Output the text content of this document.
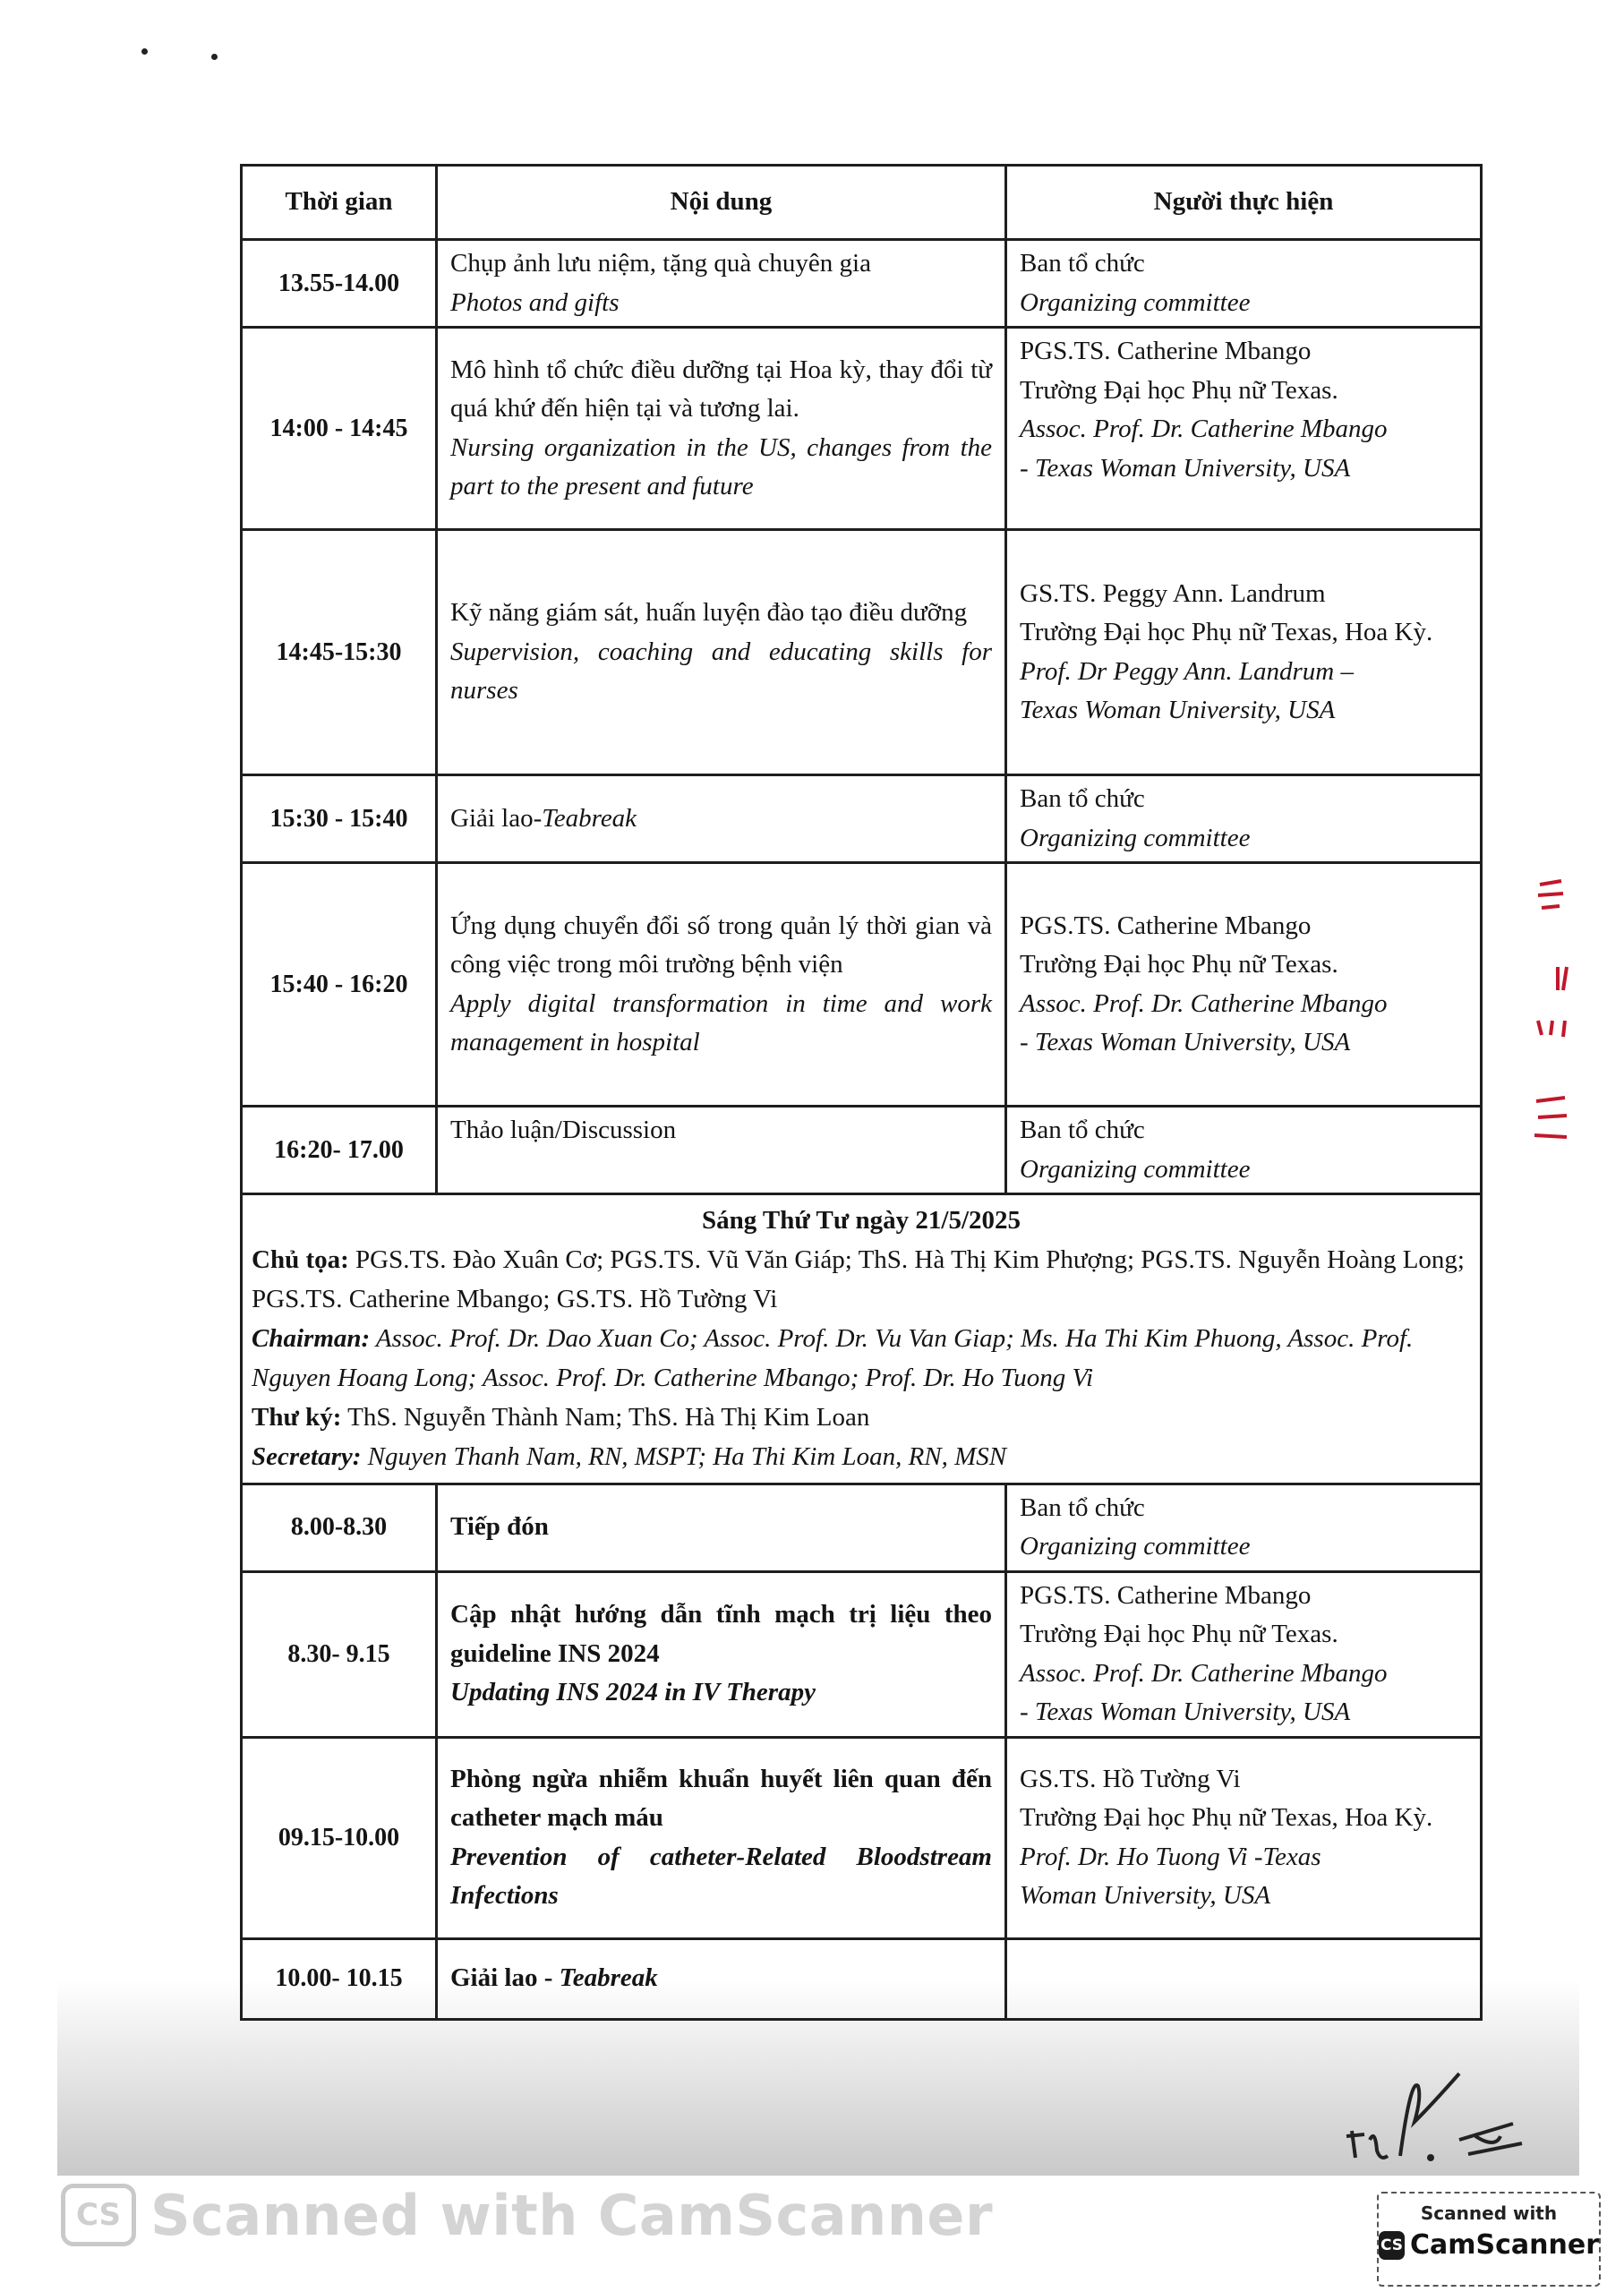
Thời gian	Nội dung	Người thực hiện
13.55-14.00	Chụp ảnh lưu niệm, tặng quà chuyên gia
Photos and gifts	Ban tổ chức
Organizing committee

14:00 - 14:45	Mô hình tổ chức điều dưỡng tại Hoa kỳ, thay đổi từ quá khứ đến hiện tại và tương lai.
Nursing organization in the US, changes from the part to the present and future	PGS.TS. Catherine Mbango
Trường Đại học Phụ nữ Texas.
Assoc. Prof. Dr. Catherine Mbango
- Texas Woman University, USA

14:45-15:30	Kỹ năng giám sát, huấn luyện đào tạo điều dưỡng
Supervision, coaching and educating skills for nurses	GS.TS. Peggy Ann. Landrum
Trường Đại học Phụ nữ Texas, Hoa Kỳ.
Prof. Dr Peggy Ann. Landrum –
Texas Woman University, USA

15:30 - 15:40	Giải lao-Teabreak	Ban tổ chức
Organizing committee

15:40 - 16:20	Ứng dụng chuyển đổi số trong quản lý thời gian và công việc trong môi trường bệnh viện
Apply digital transformation in time and work management in hospital	PGS.TS. Catherine Mbango
Trường Đại học Phụ nữ Texas.
Assoc. Prof. Dr. Catherine Mbango
- Texas Woman University, USA

16:20- 17.00	Thảo luận/Discussion	Ban tổ chức
Organizing committee

Sáng Thứ Tư ngày 21/5/2025
Chủ tọa: PGS.TS. Đào Xuân Cơ; PGS.TS. Vũ Văn Giáp; ThS. Hà Thị Kim Phượng; PGS.TS. Nguyễn Hoàng Long; PGS.TS. Catherine Mbango; GS.TS. Hồ Tường Vi
Chairman: Assoc. Prof. Dr. Dao Xuan Co; Assoc. Prof. Dr. Vu Van Giap; Ms. Ha Thi Kim Phuong, Assoc. Prof. Nguyen Hoang Long; Assoc. Prof. Dr. Catherine Mbango; Prof. Dr. Ho Tuong Vi
Thư ký: ThS. Nguyễn Thành Nam; ThS. Hà Thị Kim Loan
Secretary: Nguyen Thanh Nam, RN, MSPT; Ha Thi Kim Loan, RN, MSN		

8.00-8.30	Tiếp đón	Ban tổ chức
Organizing committee

8.30- 9.15	Cập nhật hướng dẫn tĩnh mạch trị liệu theo guideline INS 2024
Updating INS 2024 in IV Therapy	PGS.TS. Catherine Mbango
Trường Đại học Phụ nữ Texas.
Assoc. Prof. Dr. Catherine Mbango
- Texas Woman University, USA

09.15-10.00	Phòng ngừa nhiễm khuẩn huyết liên quan đến catheter mạch máu
Prevention of catheter-Related Bloodstream Infections	GS.TS. Hồ Tường Vi
Trường Đại học Phụ nữ Texas, Hoa Kỳ.
Prof. Dr. Ho Tuong Vi -Texas
Woman University, USA

10.00- 10.15	Giải lao - Teabreak	
CS Scanned with CamScanner	Scanned with
CS CamScanner
